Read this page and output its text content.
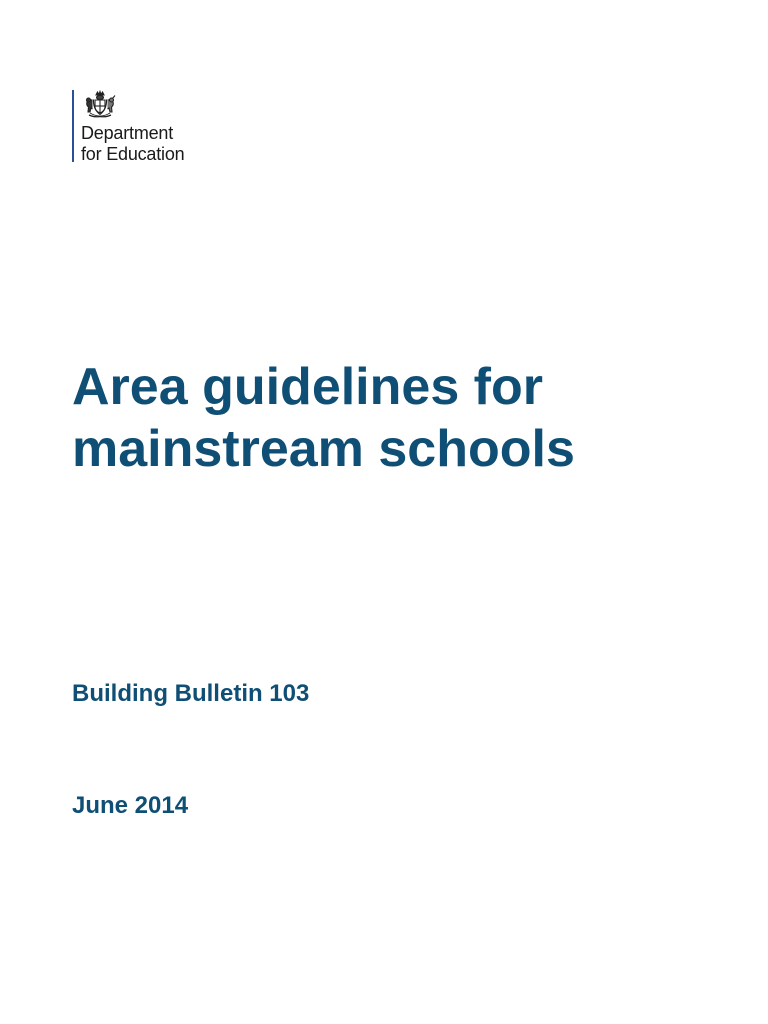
Department
for Education
Area guidelines for
mainstream schools
Building Bulletin 103

June 2014
